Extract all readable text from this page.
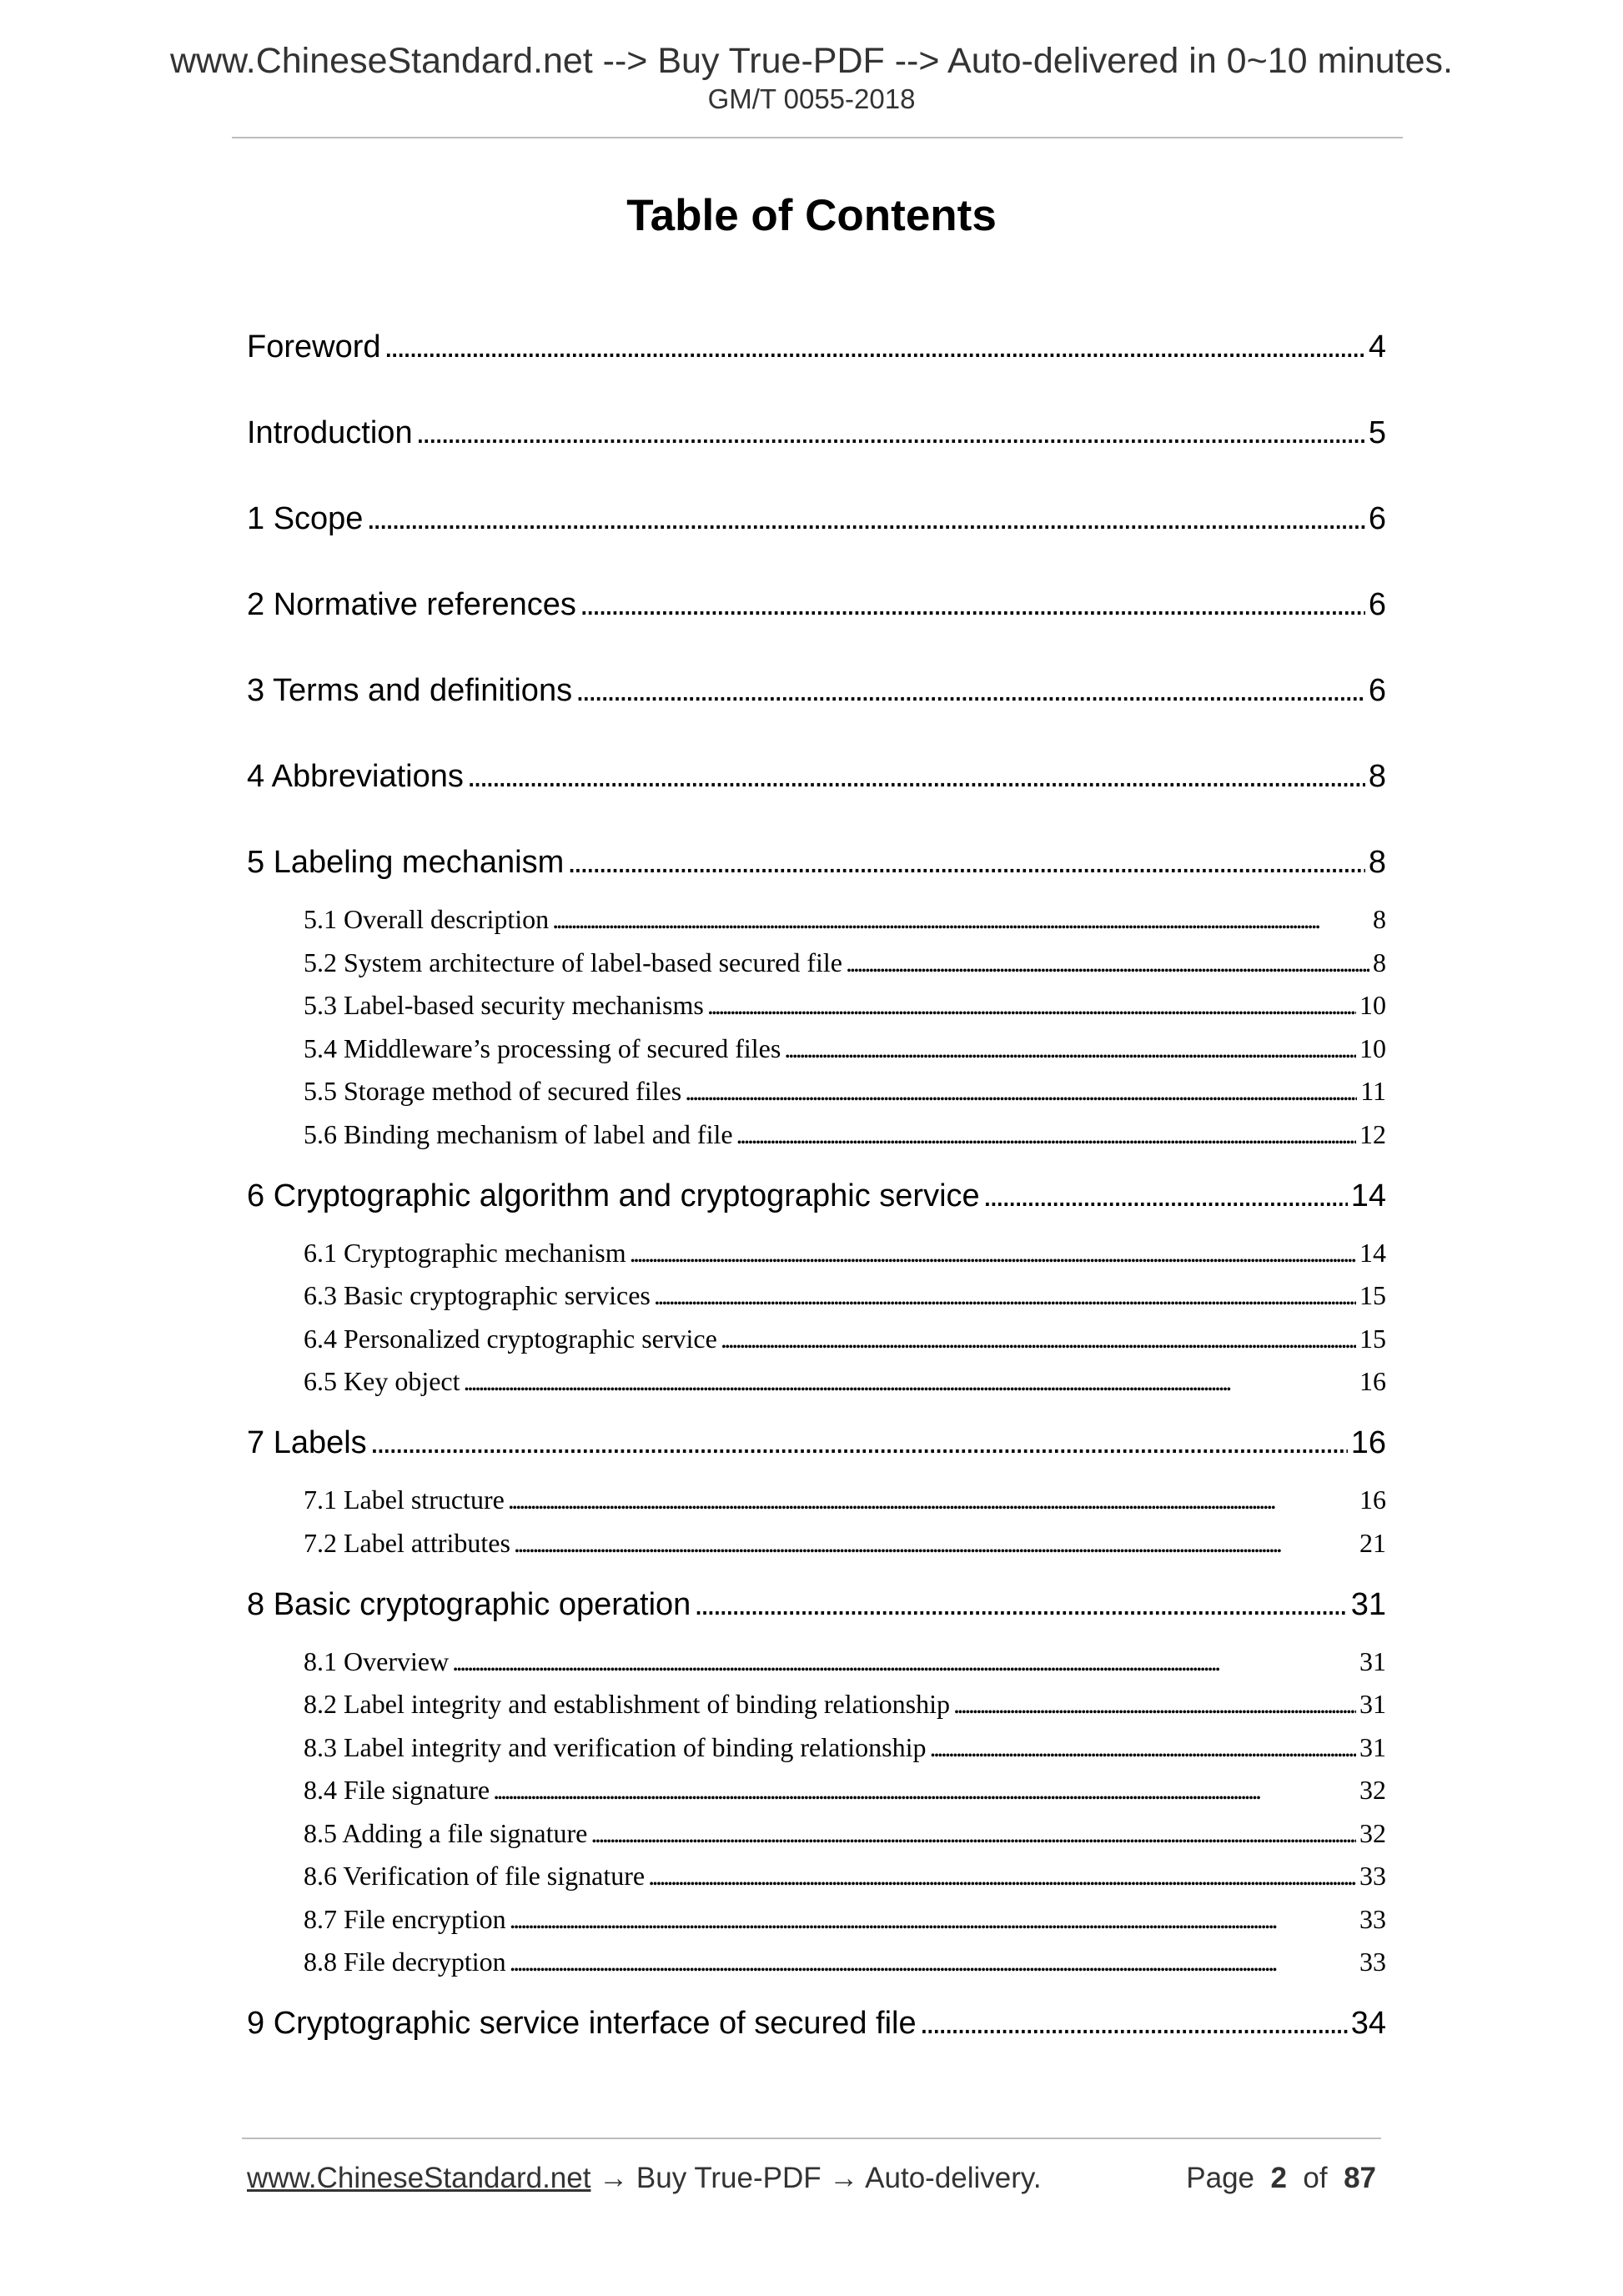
www.ChineseStandard.net --> Buy True-PDF --> Auto-delivered in 0~10 minutes.
GM/T 0055-2018
Table of Contents
Foreword . . .	4
Introduction . . .	5
1 Scope . . .	6
2 Normative references . . .	6
3 Terms and definitions . . .	6
4 Abbreviations . . .	8
5 Labeling mechanism . . .	8
5.1 Overall description . . .	8
5.2 System architecture of label-based secured file . . .	8
5.3 Label-based security mechanisms . . .	10
5.4 Middleware’s processing of secured files . . .	10
5.5 Storage method of secured files . . .	11
5.6 Binding mechanism of label and file . . .	12
6 Cryptographic algorithm and cryptographic service . . .	14
6.1 Cryptographic mechanism . . .	14
6.3 Basic cryptographic services . . .	15
6.4 Personalized cryptographic service . . .	15
6.5 Key object . . .	16
7 Labels . . .	16
7.1 Label structure . . .	16
7.2 Label attributes . . .	21
8 Basic cryptographic operation . . .	31
8.1 Overview . . .	31
8.2 Label integrity and establishment of binding relationship . . .	31
8.3 Label integrity and verification of binding relationship . . .	31
8.4 File signature . . .	32
8.5 Adding a file signature . . .	32
8.6 Verification of file signature . . .	33
8.7 File encryption . . .	33
8.8 File decryption . . .	33
9 Cryptographic service interface of secured file . . .	34
www.ChineseStandard.net → Buy True-PDF → Auto-delivery.	Page 2 of 87
